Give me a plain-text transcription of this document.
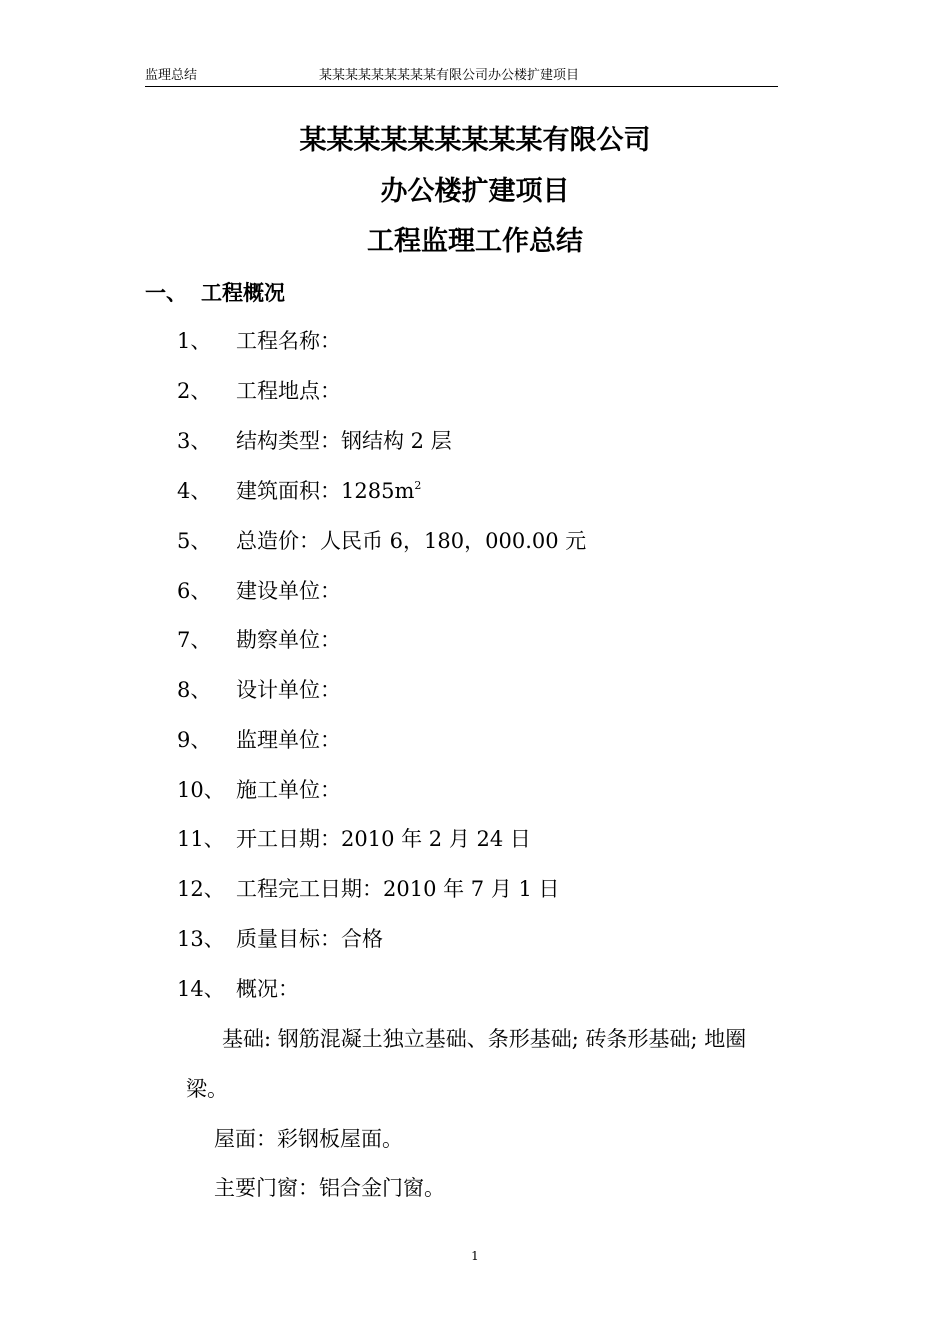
监理总结	某某某某某某某某某有限公司办公楼扩建项目
某某某某某某某某某有限公司
办公楼扩建项目
工程监理工作总结
一、 工程概况
1、 工程名称：
2、 工程地点：
3、 结构类型：钢结构 2 层
4、 建筑面积：$1285m^2$
5、 总造价：人民币 6，180，000.00 元
6、 建设单位：
7、 勘察单位：
8、 设计单位：
9、 监理单位：
10、 施工单位：
11、 开工日期：2010 年 2 月 24 日
12、 工程完工日期：2010 年 7 月 1 日
13、 质量目标：合格
14、 概况：
基础: 钢筋混凝土独立基础、条形基础; 砖条形基础; 地圈
梁。
屋面：彩钢板屋面。
主要门窗：铝合金门窗。
1
